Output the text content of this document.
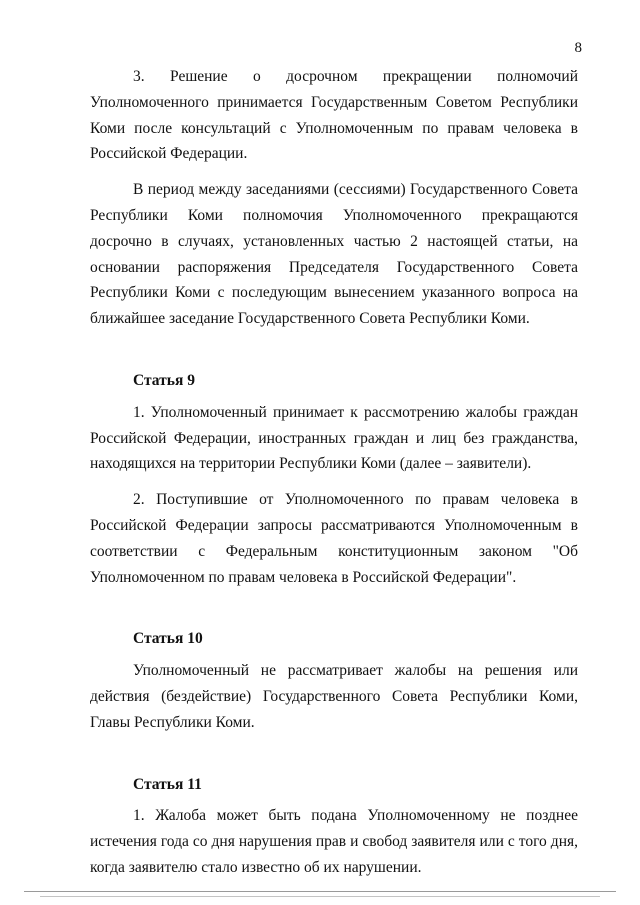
8

3. Решение о досрочном прекращении полномочий Уполномоченного принимается Государственным Советом Республики Коми после консультаций с Уполномоченным по правам человека в Российской Федерации.

В период между заседаниями (сессиями) Государственного Совета Республики Коми полномочия Уполномоченного прекращаются досрочно в случаях, установленных частью 2 настоящей статьи, на основании распоряжения Председателя Государственного Совета Республики Коми с последующим вынесением указанного вопроса на ближайшее заседание Государственного Совета Республики Коми.

Статья 9

1. Уполномоченный принимает к рассмотрению жалобы граждан Российской Федерации, иностранных граждан и лиц без гражданства, находящихся на территории Республики Коми (далее – заявители).

2. Поступившие от Уполномоченного по правам человека в Российской Федерации запросы рассматриваются Уполномоченным в соответствии с Федеральным конституционным законом "Об Уполномоченном по правам человека в Российской Федерации".

Статья 10

Уполномоченный не рассматривает жалобы на решения или действия (бездействие) Государственного Совета Республики Коми, Главы Республики Коми.

Статья 11

1. Жалоба может быть подана Уполномоченному не позднее истечения года со дня нарушения прав и свобод заявителя или с того дня, когда заявителю стало известно об их нарушении.
